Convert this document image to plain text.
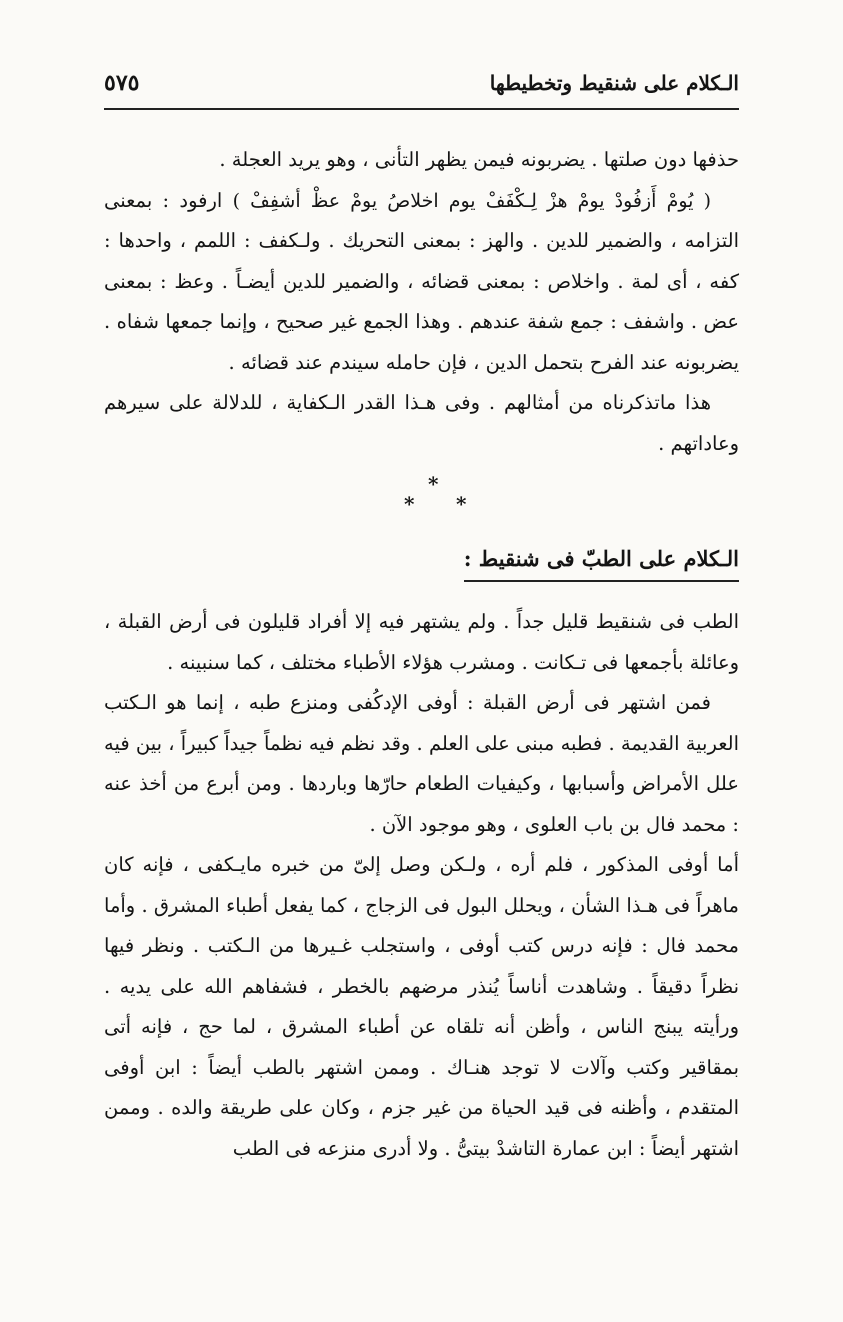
٥٧٥	الـكلام على شنقيط وتخطيطها

حذفها دون صلتها . يضربونه فيمن يظهر التأنى ، وهو يريد العجلة .

( يُومْ أَزفُودْ يومْ هزْ لِـكْفَفْ يوم اخلاصُ يومْ عظْ أشفِفْ ) ارفود : بمعنى التزامه ، والضمير للدين . والهز : بمعنى التحريك . ولـكفف : اللمم ، واحدها : كفه ، أى لمة . واخلاص : بمعنى قضائه ، والضمير للدين أيضـاً . وعظ : بمعنى عض . واشفف : جمع شفة عندهم . وهذا الجمع غير صحيح ، وإنما جمعها شفاه . يضربونه عند الفرح بتحمل الدين ، فإن حامله سيندم عند قضائه .

هذا ماتذكرناه من أمثالهم . وفى هـذا القدر الـكفاية ، للدلالة على سيرهم وعاداتهم .

*
* *
الـكلام على الطبّ فى شنقيط :

الطب فى شنقيط قليل جداً . ولم يشتهر فيه إلا أفراد قليلون فى أرض القبلة ، وعائلة بأجمعها فى تـكانت . ومشرب هؤلاء الأطباء مختلف ، كما سنبينه .

فمن اشتهر فى أرض القبلة : أوفى الإدكُفى ومنزع طبه ، إنما هو الـكتب العربية القديمة . فطبه مبنى على العلم . وقد نظم فيه نظماً جيداً كبيراً ، بين فيه علل الأمراض وأسبابها ، وكيفيات الطعام حارّها وباردها . ومن أبرع من أخذ عنه : محمد فال بن باب العلوى ، وهو موجود الآن .

أما أوفى المذكور ، فلم أره ، ولـكن وصل إلىّ من خبره مايـكفى ، فإنه كان ماهراً فى هـذا الشأن ، ويحلل البول فى الزجاج ، كما يفعل أطباء المشرق . وأما محمد فال : فإنه درس كتب أوفى ، واستجلب غـيرها من الـكتب . ونظر فيها نظراً دقيقاً . وشاهدت أناساً يُنذر مرضهم بالخطر ، فشفاهم الله على يديه . ورأيته يبنج الناس ، وأظن أنه تلقاه عن أطباء المشرق ، لما حج ، فإنه أتى بمقاقير وكتب وآلات لا توجد هنـاك . وممن اشتهر بالطب أيضاً : ابن أوفى المتقدم ، وأظنه فى قيد الحياة من غير جزم ، وكان على طريقة والده . وممن اشتهر أيضاً : ابن عمارة التاشدْ بيتىُّ . ولا أدرى منزعه فى الطب
